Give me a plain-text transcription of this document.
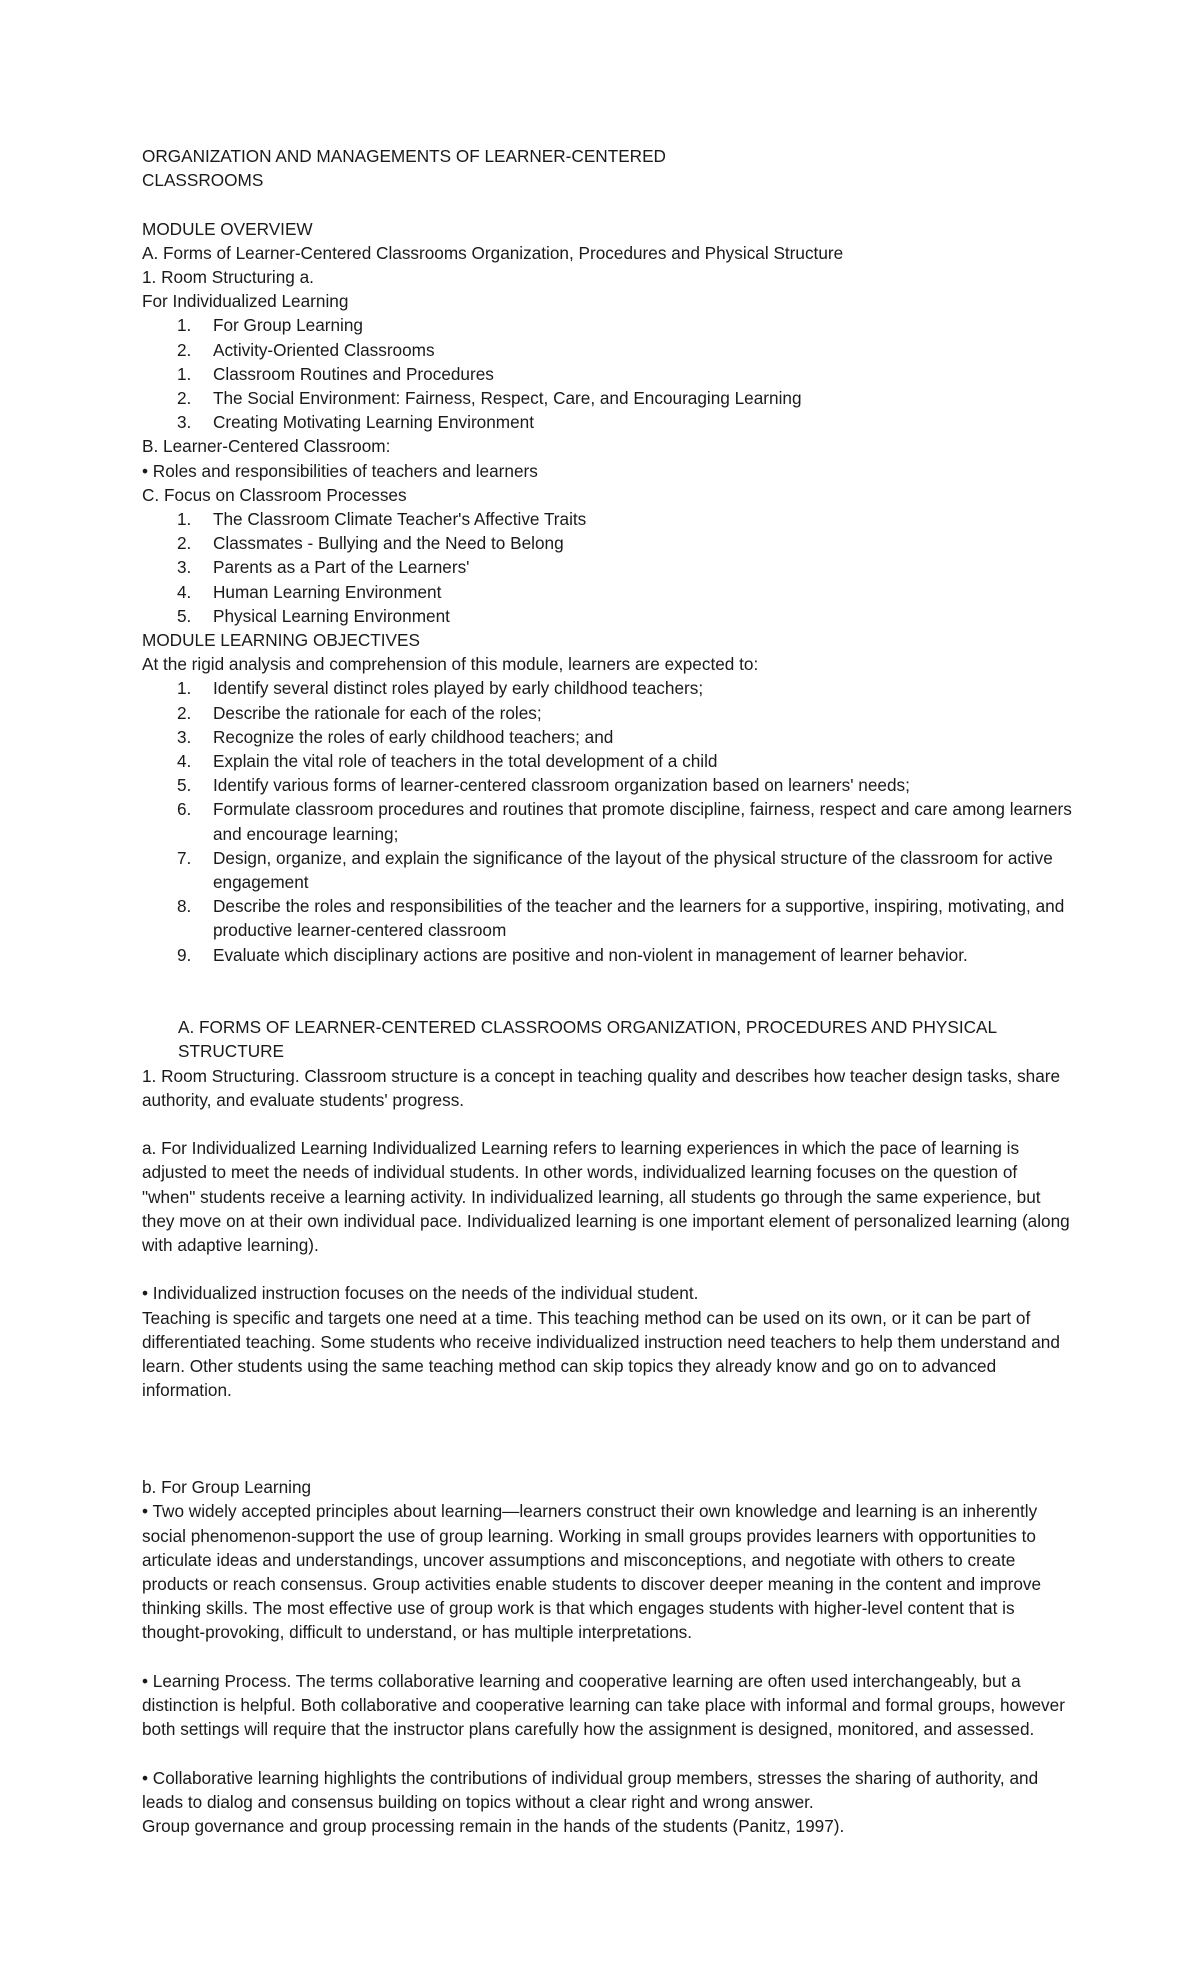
ORGANIZATION AND MANAGEMENTS OF LEARNER-CENTERED

CLASSROOMS

MODULE OVERVIEW

A. Forms of Learner-Centered Classrooms Organization, Procedures and Physical Structure

1. Room Structuring a.

For Individualized Learning

1.	For Group Learning
2.	Activity-Oriented Classrooms
1.	Classroom Routines and Procedures
2.	The Social Environment: Fairness, Respect, Care, and Encouraging Learning
3.	Creating Motivating Learning Environment

B. Learner-Centered Classroom:

• Roles and responsibilities of teachers and learners

C. Focus on Classroom Processes

1.	The Classroom Climate Teacher's Affective Traits
2.	Classmates - Bullying and the Need to Belong
3.	Parents as a Part of the Learners'
4.	Human Learning Environment
5.	Physical Learning Environment

MODULE LEARNING OBJECTIVES

At the rigid analysis and comprehension of this module, learners are expected to:

1.	Identify several distinct roles played by early childhood teachers;
2.	Describe the rationale for each of the roles;
3.	Recognize the roles of early childhood teachers; and
4.	Explain the vital role of teachers in the total development of a child
5.	Identify various forms of learner-centered classroom organization based on learners' needs;
6.	Formulate classroom procedures and routines that promote discipline, fairness, respect and care among learners and encourage learning;
7.	Design, organize, and explain the significance of the layout of the physical structure of the classroom for active engagement
8.	Describe the roles and responsibilities of the teacher and the learners for a supportive, inspiring, motivating, and productive learner-centered classroom
9.	Evaluate which disciplinary actions are positive and non-violent in management of learner behavior.

A. FORMS OF LEARNER-CENTERED CLASSROOMS ORGANIZATION, PROCEDURES AND PHYSICAL STRUCTURE

1. Room Structuring. Classroom structure is a concept in teaching quality and describes how teacher design tasks, share authority, and evaluate students' progress.

a. For Individualized Learning Individualized Learning refers to learning experiences in which the pace of learning is adjusted to meet the needs of individual students. In other words, individualized learning focuses on the question of "when" students receive a learning activity. In individualized learning, all students go through the same experience, but they move on at their own individual pace. Individualized learning is one important element of personalized learning (along with adaptive learning).

• Individualized instruction focuses on the needs of the individual student.

Teaching is specific and targets one need at a time. This teaching method can be used on its own, or it can be part of differentiated teaching. Some students who receive individualized instruction need teachers to help them understand and learn. Other students using the same teaching method can skip topics they already know and go on to advanced information.

b. For Group Learning

• Two widely accepted principles about learning—learners construct their own knowledge and learning is an inherently social phenomenon-support the use of group learning. Working in small groups provides learners with opportunities to articulate ideas and understandings, uncover assumptions and misconceptions, and negotiate with others to create products or reach consensus. Group activities enable students to discover deeper meaning in the content and improve thinking skills. The most effective use of group work is that which engages students with higher-level content that is thought-provoking, difficult to understand, or has multiple interpretations.

• Learning Process. The terms collaborative learning and cooperative learning are often used interchangeably, but a distinction is helpful. Both collaborative and cooperative learning can take place with informal and formal groups, however both settings will require that the instructor plans carefully how the assignment is designed, monitored, and assessed.

• Collaborative learning highlights the contributions of individual group members, stresses the sharing of authority, and leads to dialog and consensus building on topics without a clear right and wrong answer.

Group governance and group processing remain in the hands of the students (Panitz, 1997).
